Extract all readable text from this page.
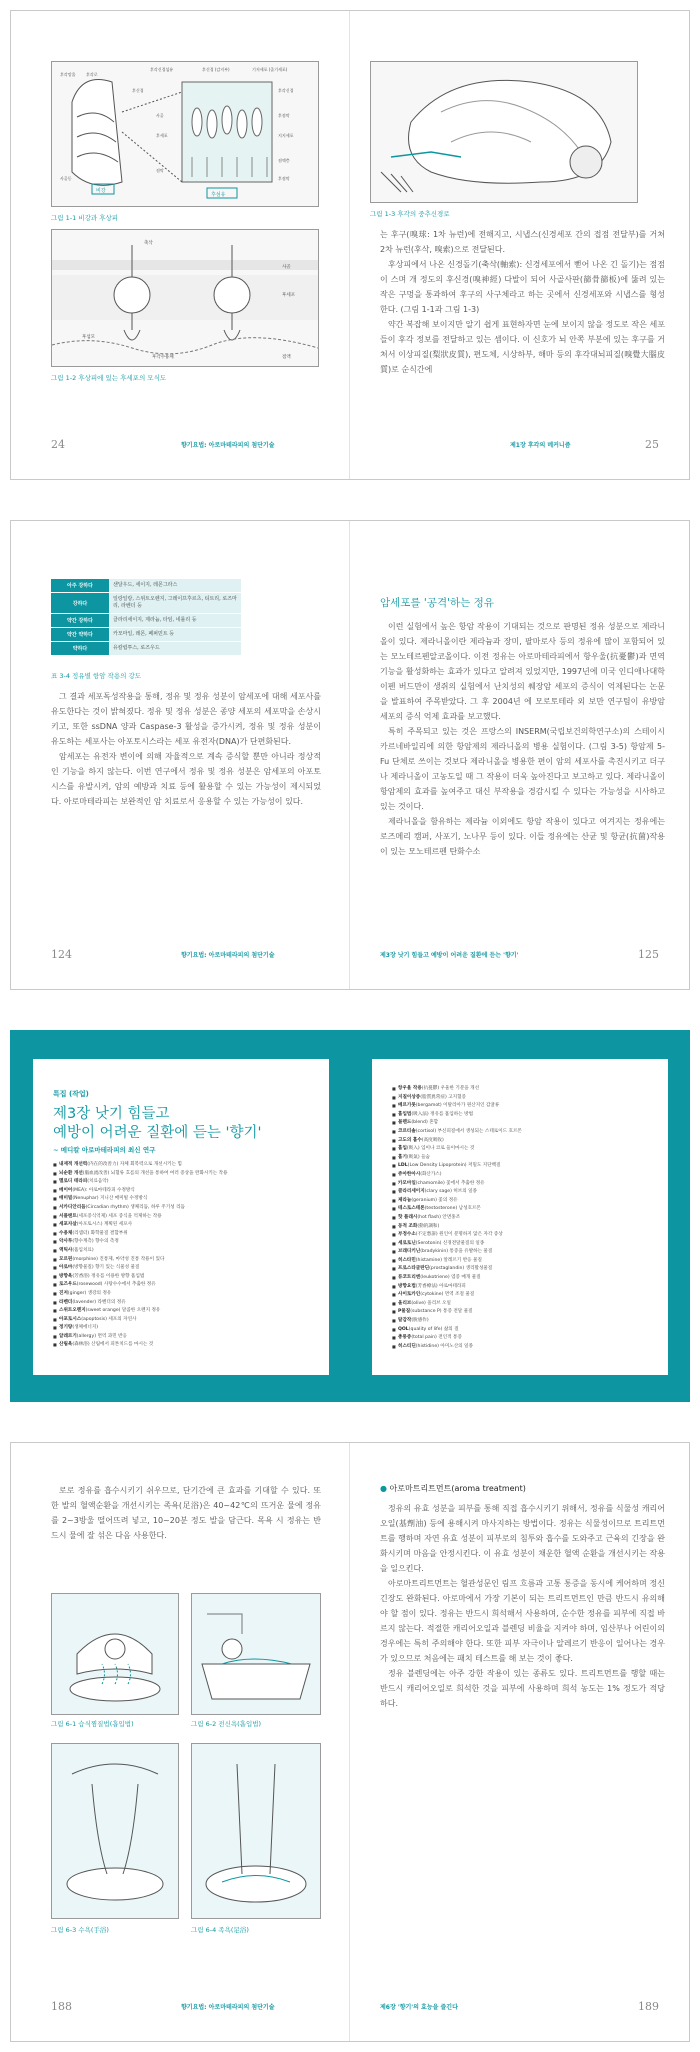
비강
후섬유
후각신경섬유	후신경 (감지부)	기저세포 (줄기세포)
후각망울	후각로
후신경	후각신경
사골	후점막
후세포	지지세포
점액층
사골동
점막
후점막
그림 1-1 비강과 후상피
축삭
사골
후세포
후섬모
후각수용체	점액
그림 1-2 후상피에 있는 후세포의 모식도
24	향기요법: 아로마테라피의 첨단기술
그림 1-3 후각의 중추신경로

는 후구(嗅球: 1차 뉴런)에 전해지고, 시냅스(신경세포 간의 접점 전달부)를 거쳐 2차 뉴런(후삭, 嗅索)으로 전달된다.

후상피에서 나온 신경돌기(축삭(軸索): 신경세포에서 뻗어 나온 긴 돌기)는 점점이 스며 개 정도의 후신경(嗅神經) 다발이 되어 사골사판(篩骨篩板)에 뚫려 있는 작은 구멍을 통과하여 후구의 사구체라고 하는 곳에서 신경세포와 시냅스를 형성한다. (그림 1-1과 그림 1-3)

약간 복잡해 보이지만 알기 쉽게 표현하자면 눈에 보이지 않을 정도로 작은 세포들이 후각 정보를 전달하고 있는 셈이다. 이 신호가 뇌 안쪽 부분에 있는 후구를 거쳐서 이상피질(梨狀皮質), 편도체, 시상하부, 해마 등의 후각대뇌피질(嗅覺大腦皮質)로 순식간에

제1장 후각의 메커니즘	25
아주 강하다	샌달우드, 세이지, 레몬그라스
강하다	일랑일랑, 스위트오렌지, 그레이프후르츠, 티트리, 로즈마리, 라벤더 등
약간 강하다	클라리세이지, 제라늄, 타임, 네롤리 등
약간 약하다	카모마일, 레몬, 페퍼민트 등
약하다	유칼립투스, 로즈우드
표 3-4 정유별 항암 작용의 강도

그 결과 세포독성작용을 통해, 정유 및 정유 성분이 암세포에 대해 세포사를 유도한다는 것이 밝혀졌다. 정유 및 정유 성분은 종양 세포의 세포막을 손상시키고, 또한 ssDNA 양과 Caspase-3 활성을 증가시켜, 정유 및 정유 성분이 유도하는 세포사는 아포토시스라는 세포 유전자(DNA)가 단편화된다.

암세포는 유전자 변이에 의해 자율적으로 계속 증식할 뿐만 아니라 정상적인 기능을 하지 않는다. 이번 연구에서 정유 및 정유 성분은 암세포의 아포토시스를 유발시켜, 암의 예방과 치료 등에 활용할 수 있는 가능성이 제시되었다. 아로마테라피는 보완적인 암 치료로서 응용할 수 있는 가능성이 있다.

124	향기요법: 아로마테라피의 첨단기술
암세포를 '공격'하는 정유

이런 실험에서 높은 항암 작용이 기대되는 것으로 판명된 정유 성분으로 제라니올이 있다. 제라니올이란 제라늄과 장미, 팔마로사 등의 정유에 많이 포함되어 있는 모노테르펜알코올이다. 이전 정유는 아로마테라피에서 항우울(抗憂鬱)과 면역 기능을 활성화하는 효과가 있다고 알려져 있었지만, 1997년에 미국 인디애나대학 이펜 버드만이 생쥐의 실험에서 난치성의 췌장암 세포의 증식이 억제된다는 논문을 발표하여 주목받았다. 그 후 2004년 에 모로토테라 외 보만 연구팀이 유방암 세포의 증식 억제 효과를 보고했다.

특히 주목되고 있는 것은 프랑스의 INSERM(국립보건의학연구소)의 스테이시 카르네바일리에 의한 항암제의 제라니올의 병용 실험이다. (그림 3-5) 항암제 5-Fu 단체로 쓰이는 것보다 제라니올을 병용한 편이 암의 세포사를 촉진시키고 더구나 제라니올이 고농도일 때 그 작용이 더욱 높아진다고 보고하고 있다. 제라니올이 항암제의 효과를 높여주고 대신 부작용을 경감시킬 수 있다는 가능성을 시사하고 있는 것이다.

제라니올을 함유하는 제라늄 이외에도 항암 작용이 있다고 여겨지는 정유에는 로즈메리 캠퍼, 사포기, 노나무 등이 있다. 이들 정유에는 산균 및 항균(抗菌)작용이 있는 모노테르펜 탄화수소

제3장 낫기 힘들고 예방이 어려운 질환에 듣는 '향기'	125
특집 (작업)
제3장 낫기 힘들고
예방이 어려운 질환에 듣는 '향기'
~ 메디칼 아로마테라피의 최신 연구
■ 내재적 개선력(内在的改善力) 자체 회복력으로 개선시키는 힘
■ 뇌순환 개선(腦血流改善) 뇌혈류 흐름의 개선을 통하여 여러 증상을 완화시키는 작용
■ 멜로디 테라피(치료음악)
■ 메이어(MEA): 아로마테라피 수정방식
■ 매미빌(Nenuphar) 지니산 매미빌 수정방식
■ 서카디안리듬(Circadian rhythm) 생체리듬, 하루 주기성 리듬
■ 서플랜트(세포증식억제) 세포 증식을 억제하는 작용
■ 세포자살(아포토시스) 계획된 세포사
■ 수용체(리셉터) 화학물질 결합부위
■ 악사투(향수계측) 향수의 측정
■ 액틱사(흡입치료)
■ 모르핀(morphine) 진통제, 마약성 진통 작용이 있다
■ 아로마(방향물질) 향기 있는 식물성 물질
■ 방향욕(芳香浴) 정유를 이용한 방향 흡입법
■ 로즈우드(rosewood) 사탕수수에서 추출한 정유
■ 진저(ginger) 생강의 정유
■ 라벤더(lavender) 라벤더의 정유
■ 스위트오렌지(sweet orange) 달콤한 오렌지 정유
■ 아포토시스(apoptosis) 세포의 자연사
■ 정기량(생체에너지)
■ 알레르기(allergy) 면역 과민 반응
■ 산림욕(森林浴) 산림에서 피톤치드를 마시는 것
■ 항우울 작용(抗憂鬱) 우울한 기분을 개선
■ 지질이상증(脂質異常症) 고지혈증
■ 베르가못(bergamot) 이탈리아가 원산지인 감귤류
■ 흡입법(吸入法) 정유를 흡입하는 방법
■ 블렌드(blend) 혼합
■ 코르티솔(cortisol) 부신피질에서 생성되는 스테로이드 호르몬
■ 고도의 흡수(高度吸收)
■ 흡입(吸入) 입이나 코로 들이마시는 것
■ 흡기(吸氣) 들숨
■ LDL(Low Density Lipoprotein) 저밀도 지단백질
■ 쥬아한아시(화산가스)
■ 카모마일(chamomile) 꽃에서 추출한 정유
■ 클라리세이지(clary sage) 허브의 일종
■ 제라늄(geranium) 꽃의 정유
■ 테스토스테론(testosterone) 남성호르몬
■ 핫 플래시(hot flash) 안면홍조
■ 동적 조화(動的調和)
■ 부정수소(不定愁訴) 원인이 분명하지 않은 자각 증상
■ 세로토닌(Serotonin) 신경전달물질의 일종
■ 브래디키닌(bradykinin) 통증을 유발하는 물질
■ 히스타민(histamine) 알레르기 반응 물질
■ 프로스타글란딘(prostaglandin) 생리활성물질
■ 류코트리엔(leukotriene) 염증 매개 물질
■ 방향요법(芳香療法) 아로마테라피
■ 사이토카인(cytokine) 면역 조절 물질
■ 올리브(olive) 올리브 오일
■ P물질(substance P) 통증 전달 물질
■ 탈감작(脫感作)
■ QOL(quality of life) 삶의 질
■ 총통증(total pain) 전인적 통증
■ 히스티딘(histidine) 아미노산의 일종

로로 정유를 흡수시키기 쉬우므로, 단기간에 큰 효과를 기대할 수 있다. 또한 발의 혈액순환을 개선시키는 족욕(足浴)은 40~42℃의 뜨거운 물에 정유를 2~3방울 떨어뜨려 넣고, 10~20분 정도 발을 담근다. 목욕 시 정유는 반드시 물에 잘 섞은 다음 사용한다.

그림 6-1 습식찜질법(흡입법)	그림 6-2 전신욕(흡입법)
그림 6-3 수욕(手浴)	그림 6-4 족욕(足浴)
188	향기요법: 아로마테라피의 첨단기술
● 아로마트리트먼트(aroma treatment)

정유의 유효 성분을 피부를 통해 직접 흡수시키기 위해서, 정유를 식물성 캐리어오일(基劑油) 등에 용해시켜 마사지하는 방법이다. 정유는 식물성이므로 트리트먼트를 행하며 자연 유효 성분이 피부로의 침투와 흡수를 도와주고 근육의 긴장을 완화시키며 마음을 안정시킨다. 이 유효 성분이 채운한 혈액 순환을 개선시키는 작용을 일으킨다.

아로마트리트먼트는 혈관성문인 림프 흐름과 고통 통증을 동시에 케어하며 정신 긴장도 완화된다. 아로마에서 가장 기본이 되는 트리트먼트인 만큼 반드시 유의해야 할 점이 있다. 정유는 반드시 희석해서 사용하며, 순수한 정유를 피부에 직접 바르지 않는다. 적절한 캐리어오일과 블렌딩 비율을 지켜야 하며, 임산부나 어린이의 경우에는 특히 주의해야 한다. 또한 피부 자극이나 알레르기 반응이 일어나는 경우가 있으므로 처음에는 패치 테스트를 해 보는 것이 좋다.

정유 블렌딩에는 아주 강한 작용이 있는 종류도 있다. 트리트먼트를 행할 때는 반드시 캐리어오일로 희석한 것을 피부에 사용하며 희석 농도는 1% 정도가 적당하다.

제6장 '향기'의 효능을 즐긴다	189
